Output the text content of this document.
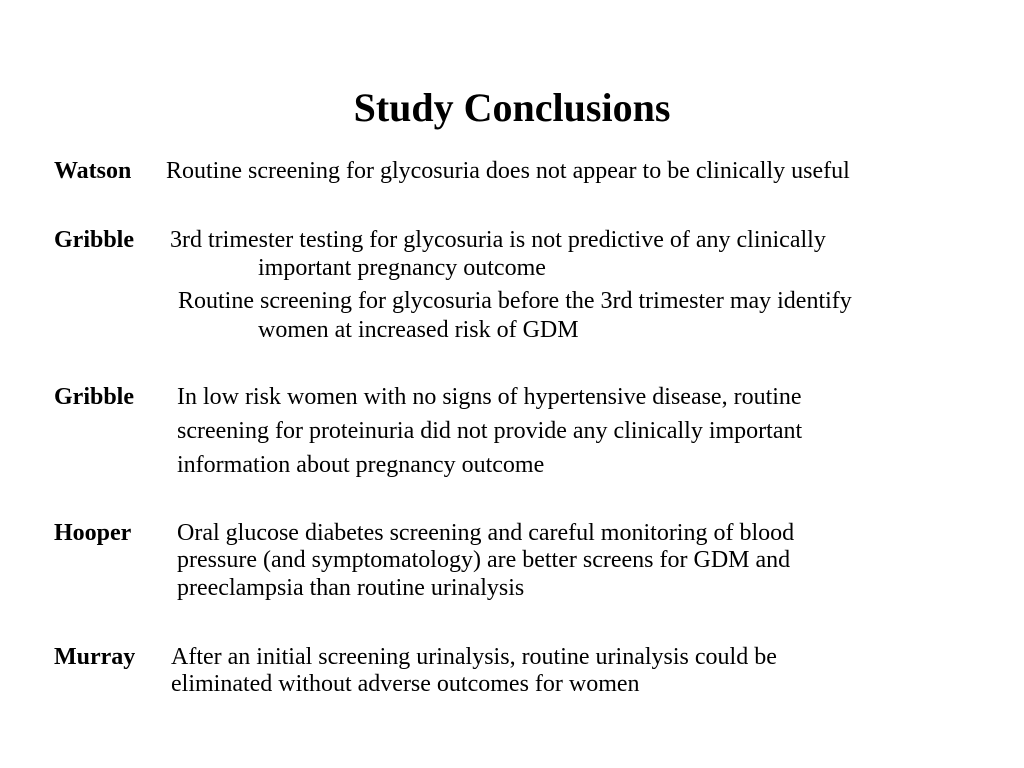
Study Conclusions
Watson Routine screening for glycosuria does not appear to be clinically useful
Gribble 3rd trimester testing for glycosuria is not predictive of any clinically
important pregnancy outcome
Routine screening for glycosuria before the 3rd trimester may identify
women at increased risk of GDM
Gribble In low risk women with no signs of hypertensive disease, routine
screening for proteinuria did not provide any clinically important
information about pregnancy outcome
Hooper Oral glucose diabetes screening and careful monitoring of blood
pressure (and symptomatology) are better screens for GDM and
preeclampsia than routine urinalysis
Murray After an initial screening urinalysis, routine urinalysis could be
eliminated without adverse outcomes for women
